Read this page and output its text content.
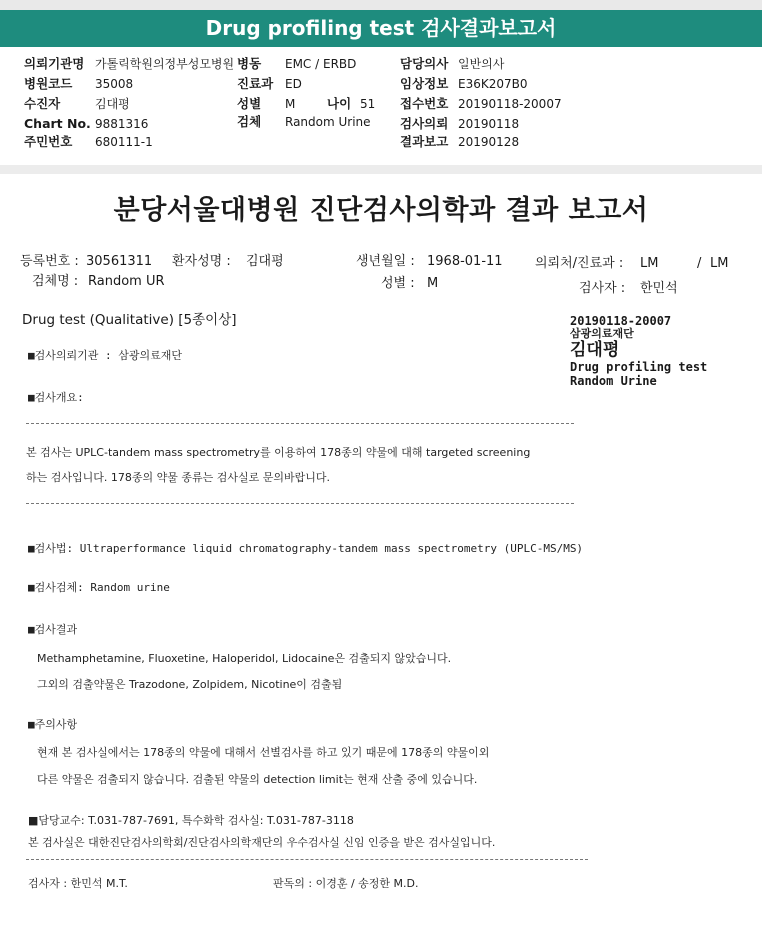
Drug profiling test 검사결과보고서
의뢰기관명 가톨릭학원의정부성모병원
병원코드 35008
수진자	김대평
Chart No. 9881316
주민번호 680111-1
병동 EMC / ERBD
진료과 ED
성별 M	나이 51
검체 Random Urine
담당의사 일반의사
임상정보 E36K207B0
접수번호 20190118-20007
검사의뢰 20190118
결과보고 20190128
분당서울대병원 진단검사의학과 결과 보고서
등록번호 : 30561311 환자성명 : 김대평	생년월일 : 1968-01-11 의뢰처/진료과 : LM	/ LM
검체명 : Random UR	성별 : M	검사자 : 한민석
Drug test (Qualitative) [5종이상]	20190118-20007
삼광의료재단
김대평
Drug profiling test
Random Urine
■검사의뢰기관 : 삼광의료재단
■검사개요:
본 검사는 UPLC-tandem mass spectrometry를 이용하여 178종의 약물에 대해 targeted screening
하는 검사입니다. 178종의 약물 종류는 검사실로 문의바랍니다.
■검사법: Ultraperformance liquid chromatography-tandem mass spectrometry (UPLC-MS/MS)
■검사검체: Random urine
■검사결과
Methamphetamine, Fluoxetine, Haloperidol, Lidocaine은 검출되지 않았습니다.
그외의 검출약물은 Trazodone, Zolpidem, Nicotine이 검출됨
■주의사항
현재 본 검사실에서는 178종의 약물에 대해서 선별검사를 하고 있기 때문에 178종의 약물이외
다른 약물은 검출되지 않습니다. 검출된 약물의 detection limit는 현재 산출 중에 있습니다.
■담당교수: T.031-787-7691, 특수화학 검사실: T.031-787-3118
본 검사실은 대한진단검사의학회/진단검사의학재단의 우수검사실 신임 인증을 받은 검사실입니다.
검사자 : 한민석 M.T.	판독의 : 이경훈 / 송정한 M.D.
